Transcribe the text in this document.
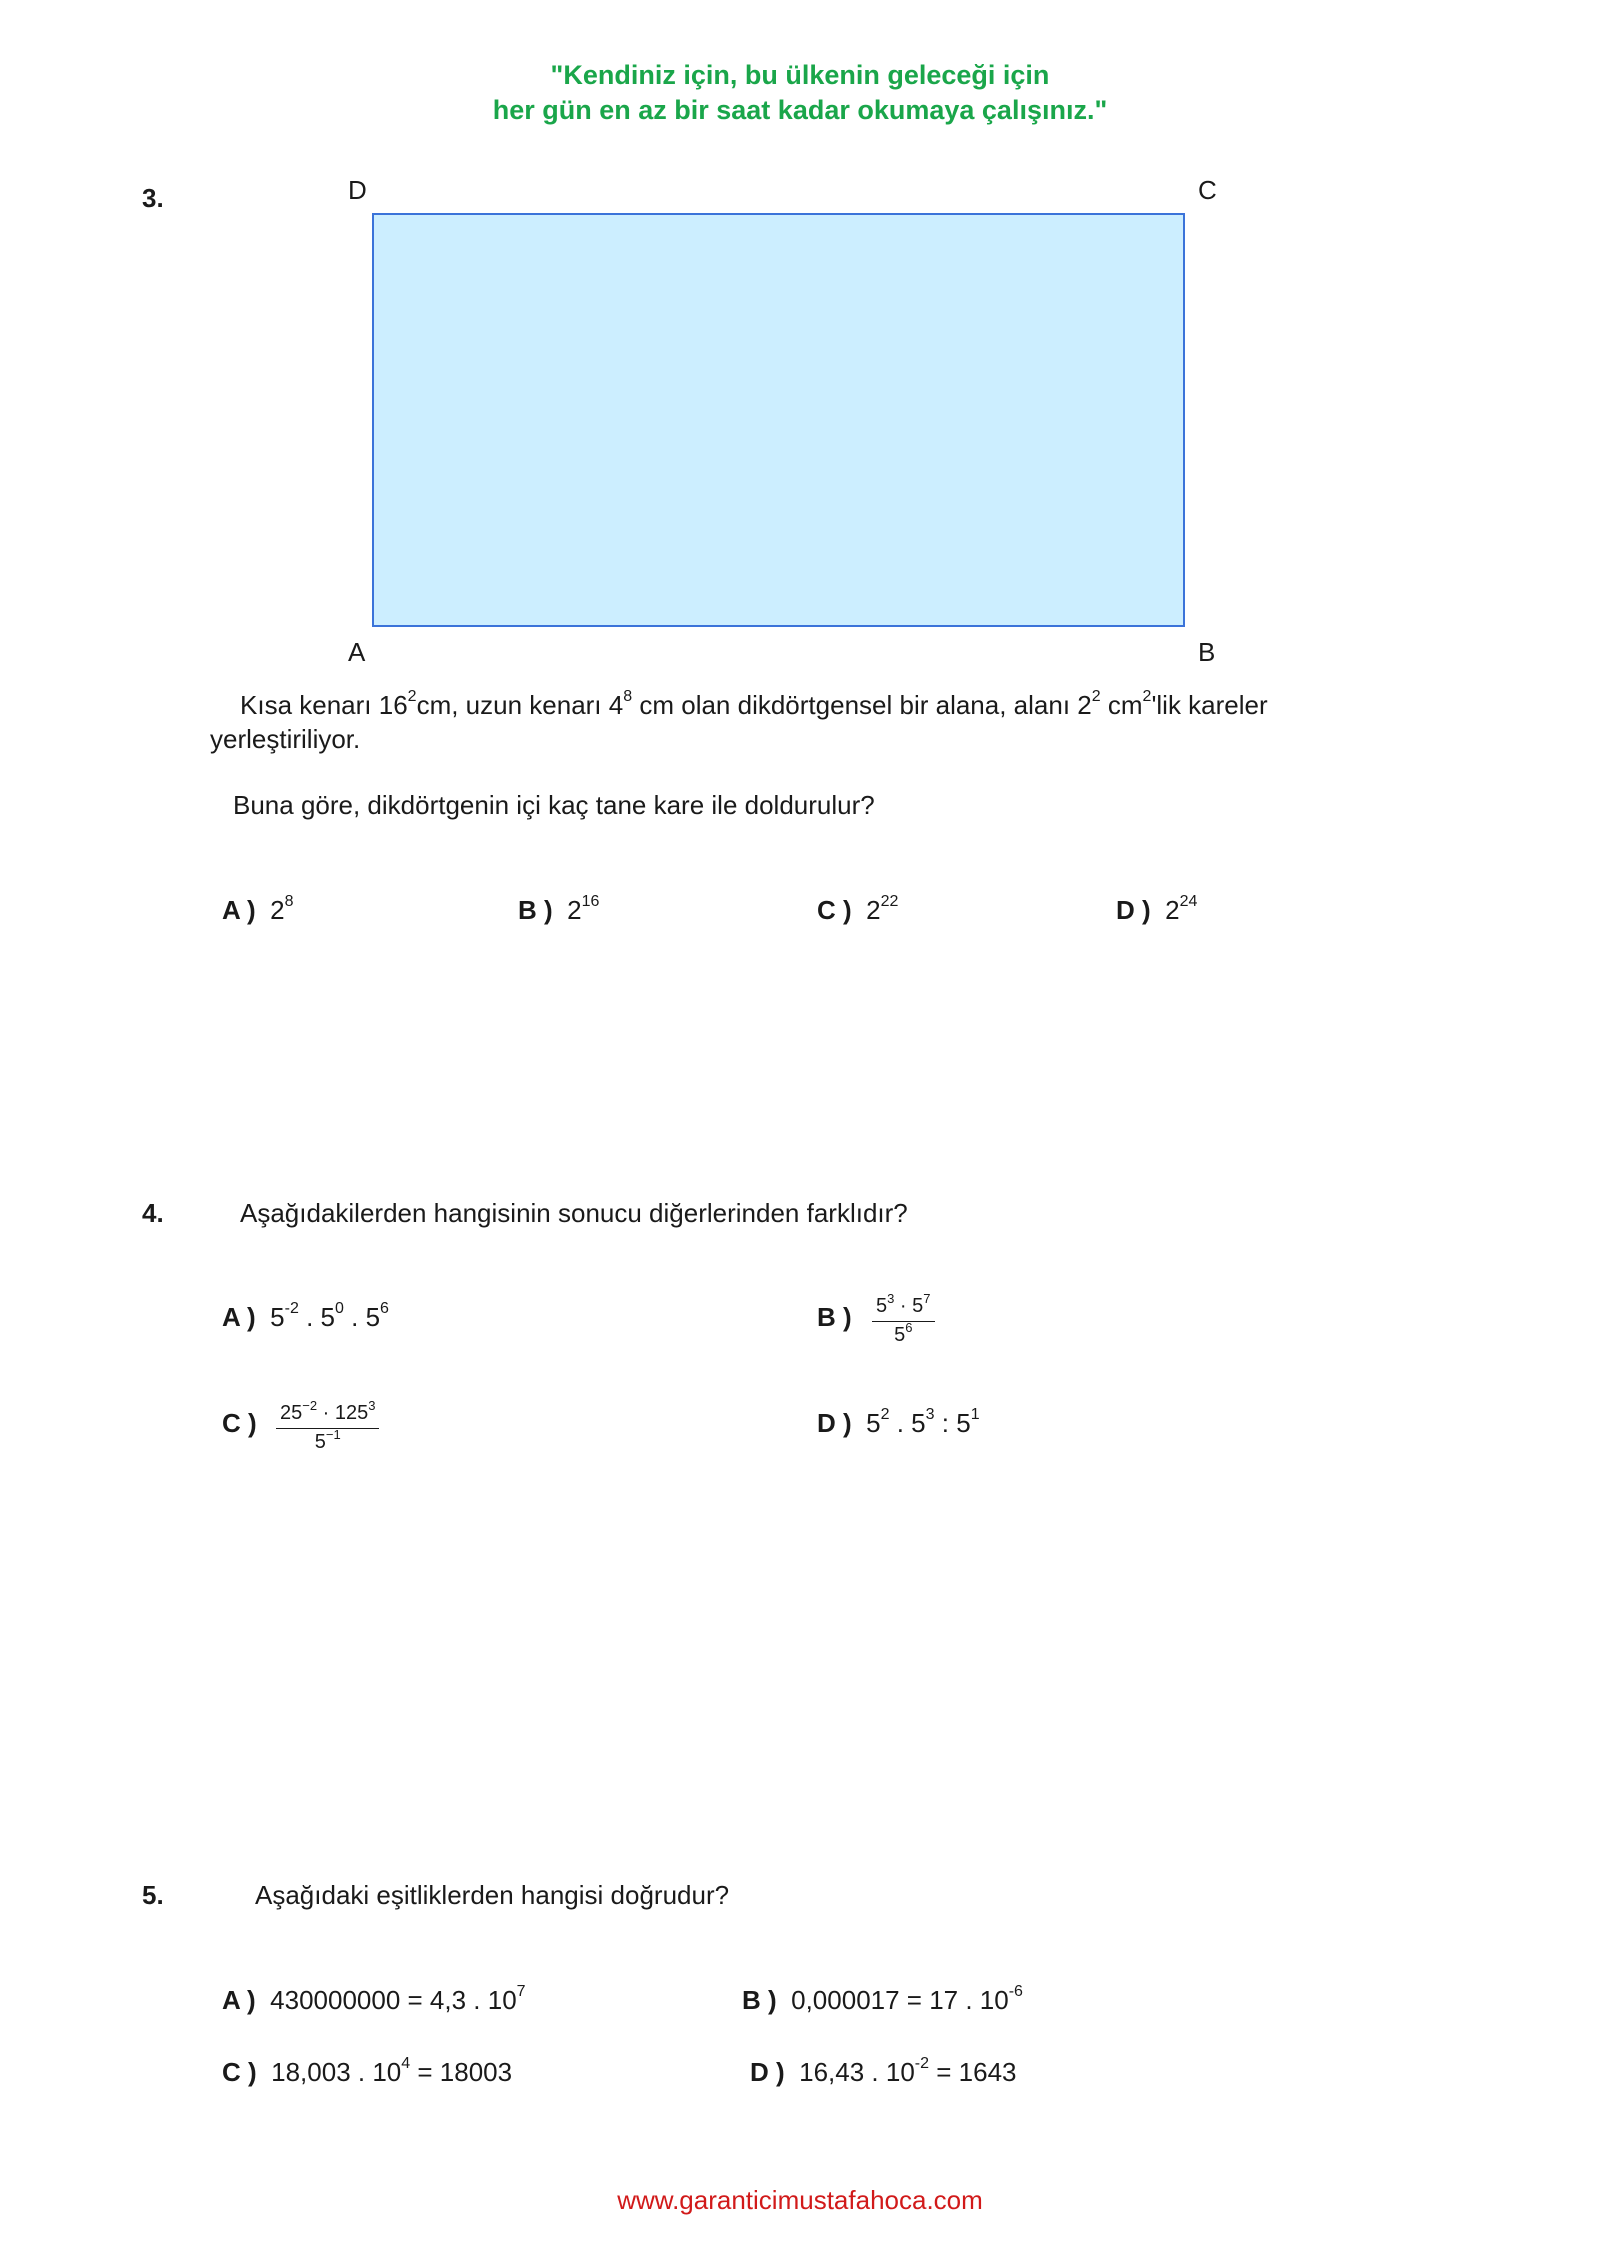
"Kendiniz için, bu ülkenin geleceği için
her gün en az bir saat kadar okumaya çalışınız."
3.	D	C
A	B
Kısa kenarı $16^2cm$, uzun kenarı $4^8$ cm olan dikdörtgensel bir alana, alanı $2^2$ $cm^2'lik$ kareler
yerleştiriliyor.
Buna göre, dikdörtgenin içi kaç tane kare ile doldurulur?
A ) $2^8$	B ) $2^{16}$	C ) $2^{22}$	D ) $2^{24}$
4.	Aşağıdakilerden hangisinin sonucu diğerlerinden farklıdır?
A ) $5^{-2}$ . $5^0$ . $5^6$	B ) $\frac{5^3 \cdot 5^7}{5^6}$
C ) $\frac{25^{-2} \cdot 125^3}{5^{-1}}$	D ) $5^2$ . $5^3$ : $5^1$
5.	Aşağıdaki eşitliklerden hangisi doğrudur?
A ) 430000000 = 4,3 . $10^7$	B ) 0,000017 = 17 . $10^{-6}$
C ) 18,003 . $10^4 = 18003$	D ) 16,43 . $10^{-2} = 1643$
www.garanticimustafahoca.com
